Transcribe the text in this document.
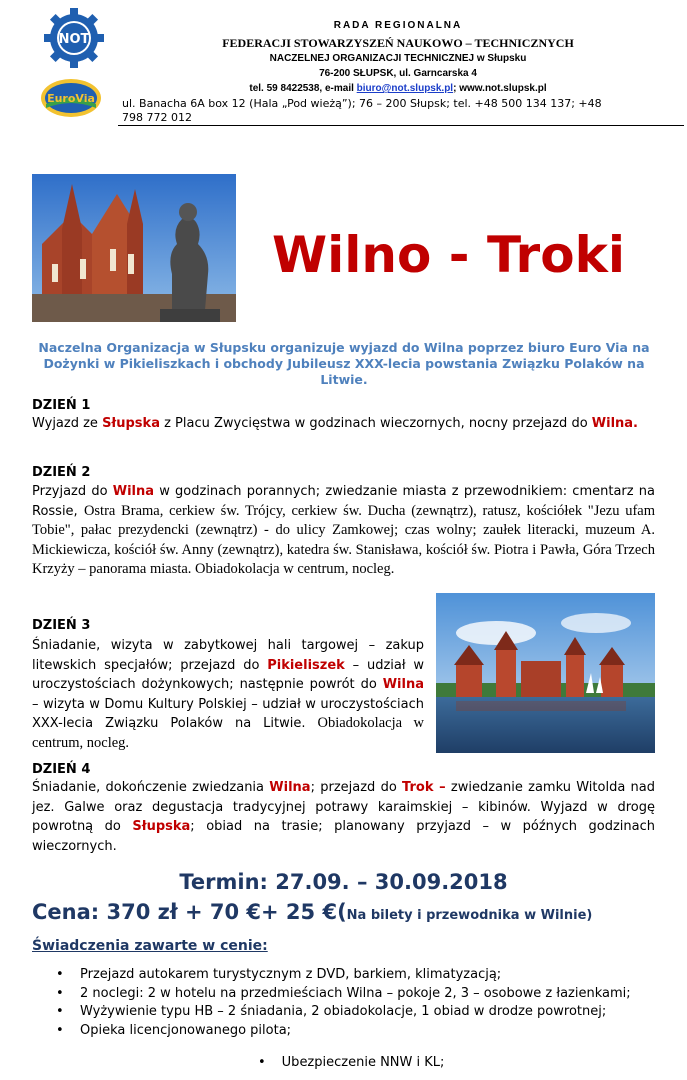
NOT
EuroVia
RADA REGIONALNA
FEDERACJI STOWARZYSZEŃ NAUKOWO – TECHNICZNYCH
NACZELNEJ ORGANIZACJI TECHNICZNEJ w Słupsku
76-200 SŁUPSK, ul. Garncarska 4
tel. 59 8422538, e-mail biuro@not.slupsk.pl; www.not.slupsk.pl
ul. Banacha 6A box 12 (Hala „Pod wieżą”); 76 – 200 Słupsk; tel. +48 500 134 137; +48 798 772 012
Wilno - Troki
Naczelna Organizacja w Słupsku organizuje wyjazd do Wilna poprzez biuro Euro Via na Dożynki w Pikieliszkach i obchody Jubileusz XXX-lecia powstania Związku Polaków na Litwie.
DZIEŃ 1
Wyjazd ze Słupska z Placu Zwycięstwa w godzinach wieczornych, nocny przejazd do Wilna.
DZIEŃ 2
Przyjazd do Wilna w godzinach porannych; zwiedzanie miasta z przewodnikiem: cmentarz na Rossie, Ostra Brama, cerkiew św. Trójcy, cerkiew św. Ducha (zewnątrz), ratusz, kościółek "Jezu ufam Tobie", pałac prezydencki (zewnątrz) - do ulicy Zamkowej; czas wolny; zaułek literacki, muzeum A. Mickiewicza, kościół św. Anny (zewnątrz), katedra św. Stanisława, kościół św. Piotra i Pawła, Góra Trzech Krzyży – panorama miasta. Obiadokolacja w centrum, nocleg.
DZIEŃ 3
Śniadanie, wizyta w zabytkowej hali targowej – zakup litewskich specjałów; przejazd do Pikieliszek – udział w uroczystościach dożynkowych; następnie powrót do Wilna – wizyta w Domu Kultury Polskiej – udział w uroczystościach XXX-lecia Związku Polaków na Litwie. Obiadokolacja w centrum, nocleg.
DZIEŃ 4
Śniadanie, dokończenie zwiedzania Wilna; przejazd do Trok – zwiedzanie zamku Witolda nad jez. Galwe oraz degustacja tradycyjnej potrawy karaimskiej – kibinów. Wyjazd w drogę powrotną do Słupska; obiad na trasie; planowany przyjazd – w późnych godzinach wieczornych.
Termin: 27.09. – 30.09.2018
Cena: 370 zł + 70 €+ 25 €(Na bilety i przewodnika w Wilnie)
Świadczenia zawarte w cenie:
• Przejazd autokarem turystycznym z DVD, barkiem, klimatyzacją;
• 2 noclegi: 2 w hotelu na przedmieściach Wilna – pokoje 2, 3 – osobowe z łazienkami;
• Wyżywienie typu HB – 2 śniadania, 2 obiadokolacje, 1 obiad w drodze powrotnej;
• Opieka licencjonowanego pilota;
• Ubezpieczenie NNW i KL;
